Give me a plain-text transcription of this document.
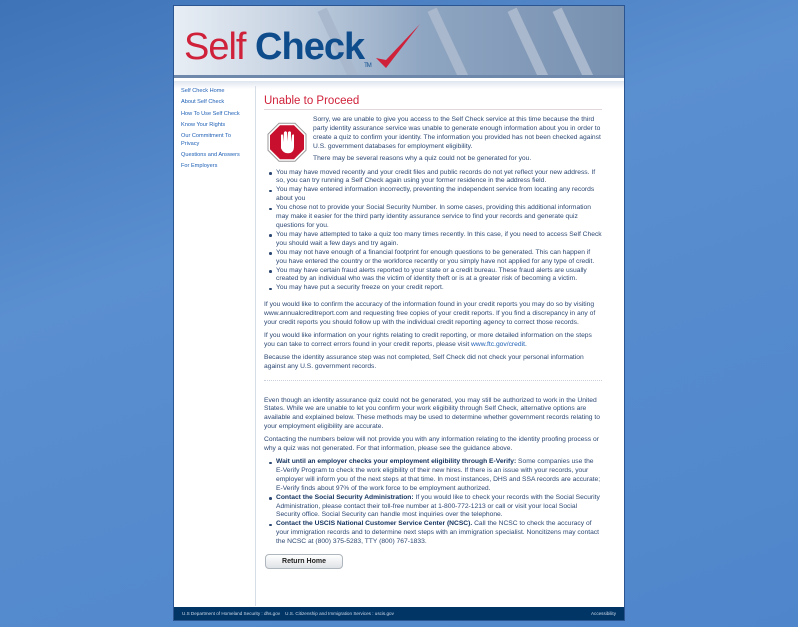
Self CheckTM
Self Check Home
About Self Check
How To Use Self Check
Know Your Rights
Our Commitment To Privacy
Questions and Answers
For Employers
Unable to Proceed

Sorry, we are unable to give you access to the Self Check service at this time because the third party identity assurance service was unable to generate enough information about you in order to create a quiz to confirm your identity. The information you provided has not been checked against U.S. government databases for employment eligibility.

There may be several reasons why a quiz could not be generated for you.

You may have moved recently and your credit files and public records do not yet reflect your new address. If so, you can try running a Self Check again using your former residence in the address field.
You may have entered information incorrectly, preventing the independent service from locating any records about you
You chose not to provide your Social Security Number. In some cases, providing this additional information may make it easier for the third party identity assurance service to find your records and generate quiz questions for you.
You may have attempted to take a quiz too many times recently. In this case, if you need to access Self Check you should wait a few days and try again.
You may not have enough of a financial footprint for enough questions to be generated. This can happen if you have entered the country or the workforce recently or you simply have not applied for any type of credit.
You may have certain fraud alerts reported to your state or a credit bureau. These fraud alerts are usually created by an individual who was the victim of identity theft or is at a greater risk of becoming a victim.
You may have put a security freeze on your credit report.

If you would like to confirm the accuracy of the information found in your credit reports you may do so by visiting www.annualcreditreport.com and requesting free copies of your credit reports. If you find a discrepancy in any of your credit reports you should follow up with the individual credit reporting agency to correct those records.

If you would like information on your rights relating to credit reporting, or more detailed information on the steps you can take to correct errors found in your credit reports, please visit www.ftc.gov/credit.

Because the identity assurance step was not completed, Self Check did not check your personal information against any U.S. government records.

Even though an identity assurance quiz could not be generated, you may still be authorized to work in the United States. While we are unable to let you confirm your work eligibility through Self Check, alternative options are available and explained below. These methods may be used to determine whether government records relating to your employment eligibility are accurate.

Contacting the numbers below will not provide you with any information relating to the identity proofing process or why a quiz was not generated. For that information, please see the guidance above.

Wait until an employer checks your employment eligibility through E-Verify: Some companies use the E-Verify Program to check the work eligibility of their new hires. If there is an issue with your records, your employer will inform you of the next steps at that time. In most instances, DHS and SSA records are accurate; E-Verify finds about 97% of the work force to be employment authorized.
Contact the Social Security Administration: If you would like to check your records with the Social Security Administration, please contact their toll-free number at 1-800-772-1213 or call or visit your local Social Security office. Social Security can handle most inquiries over the telephone.
Contact the USCIS National Customer Service Center (NCSC). Call the NCSC to check the accuracy of your immigration records and to determine next steps with an immigration specialist. Noncitizens may contact the NCSC at (800) 375-5283, TTY (800) 767-1833.
Return Home
U.S Department of Homeland Security : dhs.gov    U.S. Citizenship and Immigration Services : uscis.gov	Accessibility
